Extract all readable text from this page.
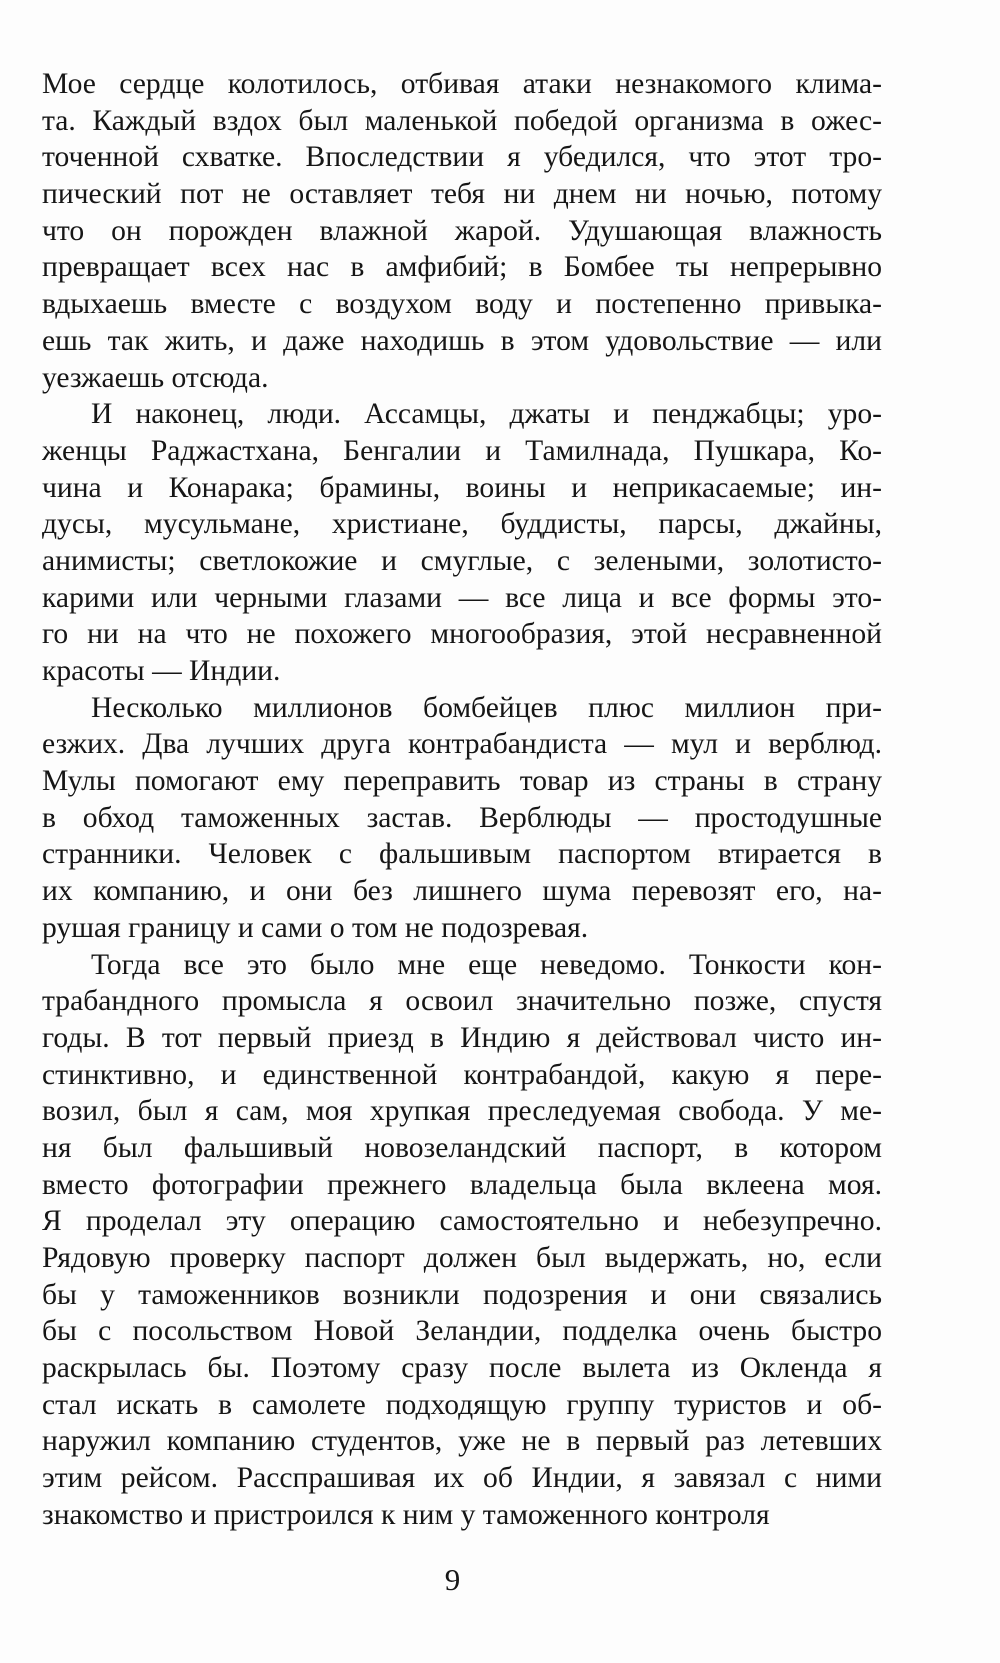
Мое сердце колотилось, отбивая атаки незнакомого клима-
та. Каждый вздох был маленькой победой организма в ожес-
точенной схватке. Впоследствии я убедился, что этот тро-
пический пот не оставляет тебя ни днем ни ночью, потому
что он порожден влажной жарой. Удушающая влажность
превращает всех нас в амфибий; в Бомбее ты непрерывно
вдыхаешь вместе с воздухом воду и постепенно привыка-
ешь так жить, и даже находишь в этом удовольствие — или
уезжаешь отсюда.
И наконец, люди. Ассамцы, джаты и пенджабцы; уро-
женцы Раджастхана, Бенгалии и Тамилнада, Пушкара, Ко-
чина и Конарака; брамины, воины и неприкасаемые; ин-
дусы, мусульмане, христиане, буддисты, парсы, джайны,
анимисты; светлокожие и смуглые, с зелеными, золотисто-
карими или черными глазами — все лица и все формы это-
го ни на что не похожего многообразия, этой несравненной
красоты — Индии.
Несколько миллионов бомбейцев плюс миллион при-
езжих. Два лучших друга контрабандиста — мул и верблюд.
Мулы помогают ему переправить товар из страны в страну
в обход таможенных застав. Верблюды — простодушные
странники. Человек с фальшивым паспортом втирается в
их компанию, и они без лишнего шума перевозят его, на-
рушая границу и сами о том не подозревая.
Тогда все это было мне еще неведомо. Тонкости кон-
трабандного промысла я освоил значительно позже, спустя
годы. В тот первый приезд в Индию я действовал чисто ин-
стинктивно, и единственной контрабандой, какую я пере-
возил, был я сам, моя хрупкая преследуемая свобода. У ме-
ня был фальшивый новозеландский паспорт, в котором
вместо фотографии прежнего владельца была вклеена моя.
Я проделал эту операцию самостоятельно и небезупречно.
Рядовую проверку паспорт должен был выдержать, но, если
бы у таможенников возникли подозрения и они связались
бы с посольством Новой Зеландии, подделка очень быстро
раскрылась бы. Поэтому сразу после вылета из Окленда я
стал искать в самолете подходящую группу туристов и об-
наружил компанию студентов, уже не в первый раз летевших
этим рейсом. Расспрашивая их об Индии, я завязал с ними
знакомство и пристроился к ним у таможенного контроля
9
